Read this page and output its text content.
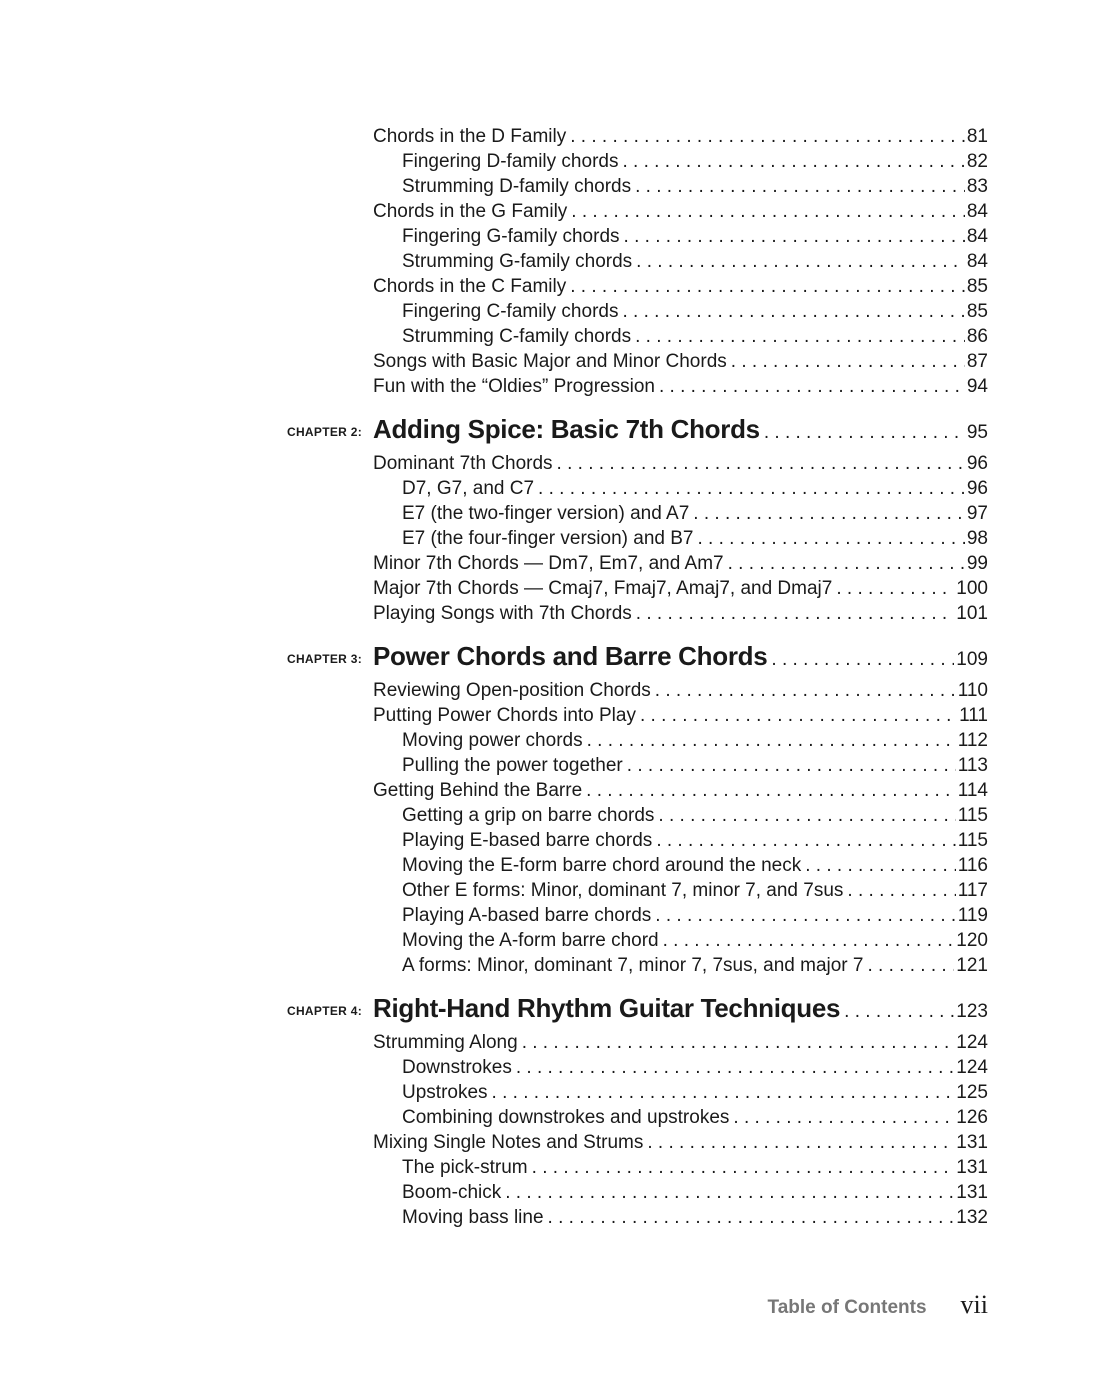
Chords in the D Family . . .	81
Fingering D-family chords . . .	82
Strumming D-family chords . . .	83
Chords in the G Family . . .	84
Fingering G-family chords . . .	84
Strumming G-family chords . . .	84
Chords in the C Family . . .	85
Fingering C-family chords . . .	85
Strumming C-family chords . . .	86
Songs with Basic Major and Minor Chords . . .	87
Fun with the “Oldies” Progression . . .	94
CHAPTER 2: Adding Spice: Basic 7th Chords . . .	95
Dominant 7th Chords . . .	96
D7, G7, and C7 . . .	96
E7 (the two-finger version) and A7 . . .	97
E7 (the four-finger version) and B7 . . .	98
Minor 7th Chords — Dm7, Em7, and Am7 . . .	99
Major 7th Chords — Cmaj7, Fmaj7, Amaj7, and Dmaj7 . . .	100
Playing Songs with 7th Chords . . .	101
CHAPTER 3: Power Chords and Barre Chords . . .	109
Reviewing Open-position Chords . . .	110
Putting Power Chords into Play . . .	111
Moving power chords . . .	112
Pulling the power together . . .	113
Getting Behind the Barre . . .	114
Getting a grip on barre chords . . .	115
Playing E-based barre chords . . .	115
Moving the E-form barre chord around the neck . . .	116
Other E forms: Minor, dominant 7, minor 7, and 7sus . . .	117
Playing A-based barre chords . . .	119
Moving the A-form barre chord . . .	120
A forms: Minor, dominant 7, minor 7, 7sus, and major 7 . . .	121
CHAPTER 4: Right-Hand Rhythm Guitar Techniques . . .	123
Strumming Along . . .	124
Downstrokes . . .	124
Upstrokes . . .	125
Combining downstrokes and upstrokes . . .	126
Mixing Single Notes and Strums . . .	131
The pick-strum . . .	131
Boom-chick . . .	131
Moving bass line . . .	132
Table of Contents vii
